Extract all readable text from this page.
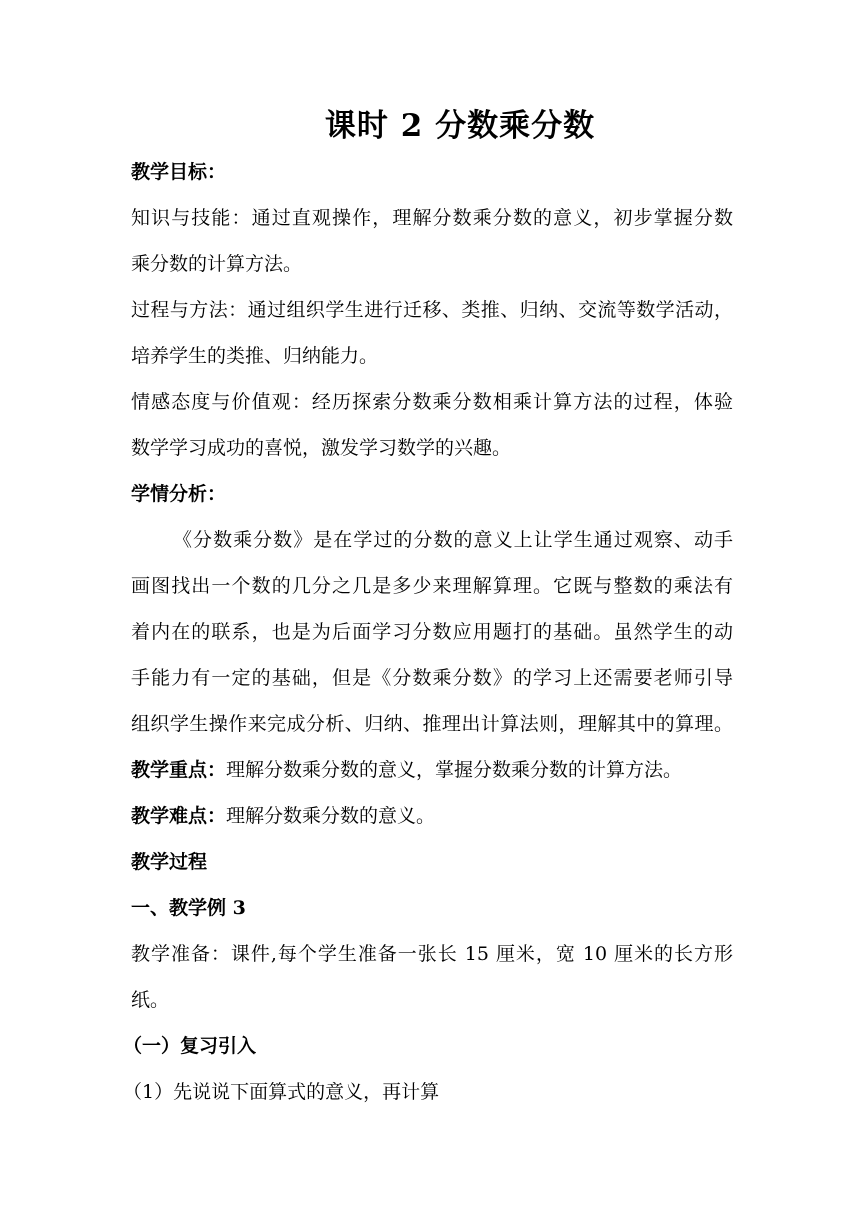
课时 2 分数乘分数
教学目标：
知识与技能：通过直观操作，理解分数乘分数的意义，初步掌握分数
乘分数的计算方法。
过程与方法：通过组织学生进行迁移、类推、归纳、交流等数学活动，
培养学生的类推、归纳能力。
情感态度与价值观：经历探索分数乘分数相乘计算方法的过程，体验
数学学习成功的喜悦，激发学习数学的兴趣。
学情分析：
《分数乘分数》是在学过的分数的意义上让学生通过观察、动手
画图找出一个数的几分之几是多少来理解算理。它既与整数的乘法有
着内在的联系，也是为后面学习分数应用题打的基础。虽然学生的动
手能力有一定的基础，但是《分数乘分数》的学习上还需要老师引导
组织学生操作来完成分析、归纳、推理出计算法则，理解其中的算理。
教学重点：理解分数乘分数的意义，掌握分数乘分数的计算方法。
教学难点：理解分数乘分数的意义。
教学过程
一、教学例 3
教学准备：课件,每个学生准备一张长 15 厘米，宽 10 厘米的长方形
纸。
（一）复习引入
（1）先说说下面算式的意义，再计算
